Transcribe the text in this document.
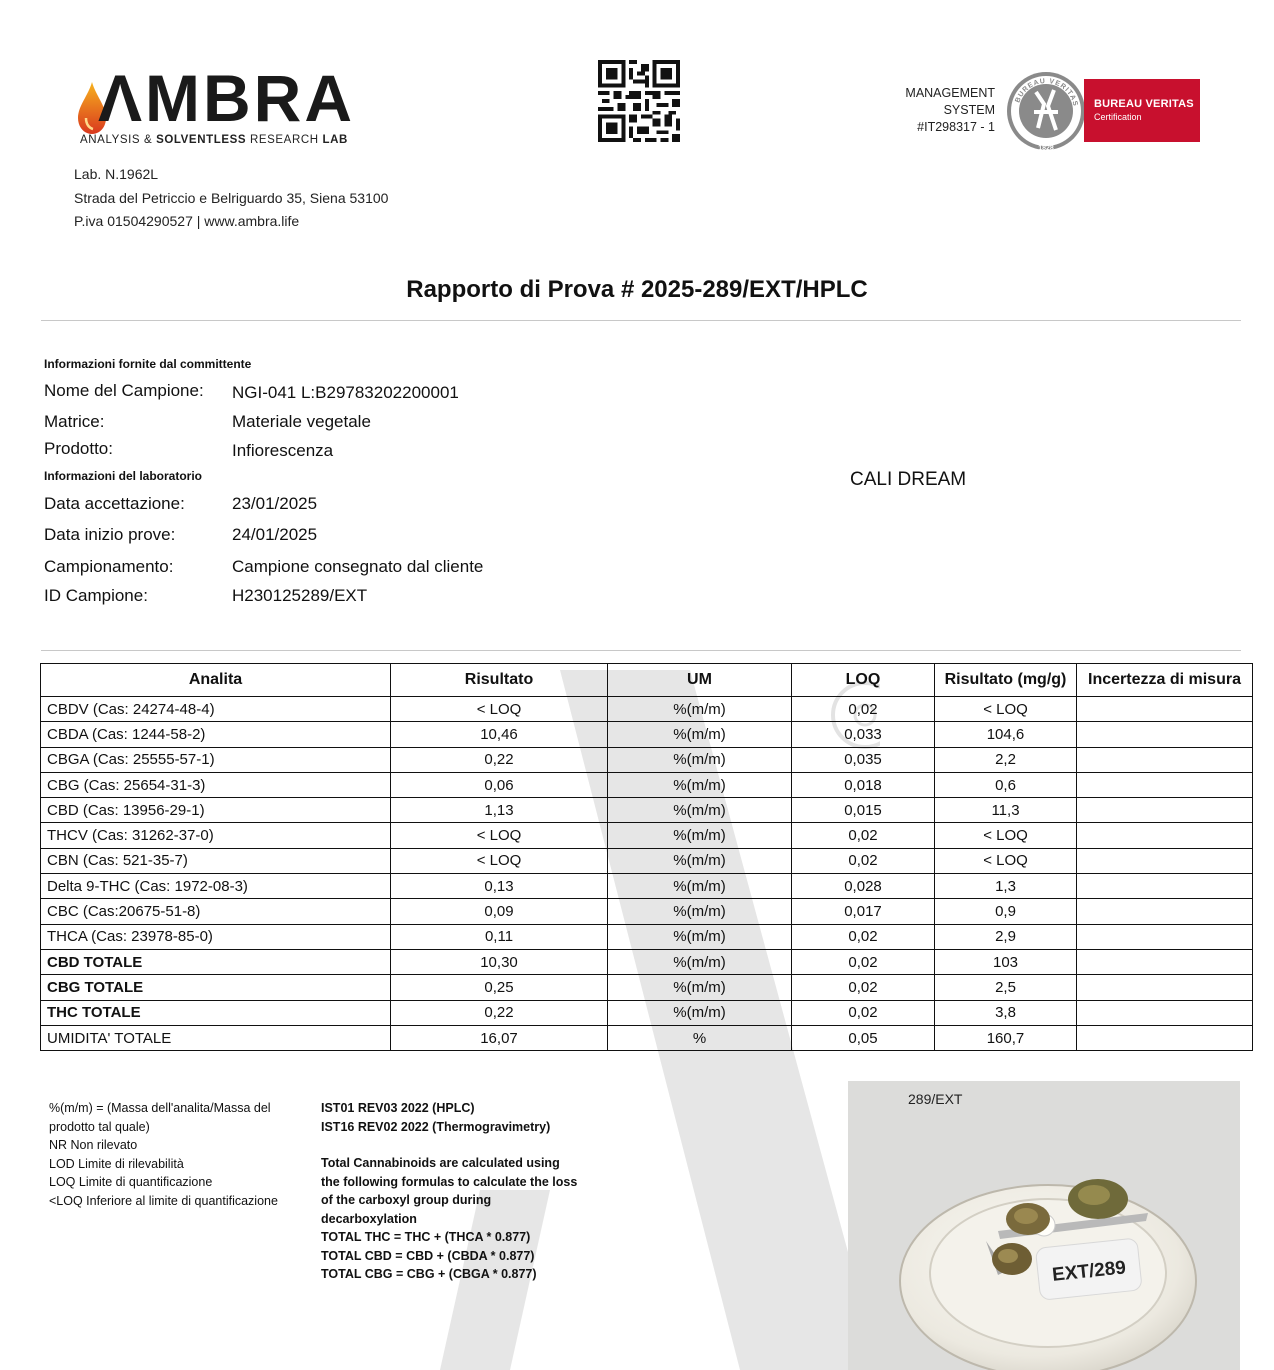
ΛMBRA
ANALYSIS & SOLVENTLESS RESEARCH LAB
MANAGEMENT
SYSTEM
#IT298317 - 1
BUREAU VERITAS
1828
BUREAU VERITAS
Certification
Lab. N.1962L
Strada del Petriccio e Belriguardo 35, Siena 53100
P.iva 01504290527 | www.ambra.life
Rapporto di Prova # 2025-289/EXT/HPLC
Informazioni fornite dal committente
Nome del Campione: NGI-041 L:B29783202200001
Matrice:	Materiale vegetale
Prodotto:	Infiorescenza
Informazioni del laboratorio
Data accettazione:	23/01/2025
Data inizio prove:	24/01/2025
Campionamento:	Campione consegnato dal cliente
ID Campione:	H230125289/EXT
CALI DREAM
Analita	Risultato	UM	LOQ	Risultato (mg/g)	Incertezza di misura
CBDV (Cas: 24274-48-4)	< LOQ	%(m/m)	0,02	< LOQ	
CBDA (Cas: 1244-58-2)	10,46	%(m/m)	0,033	104,6	
CBGA (Cas: 25555-57-1)	0,22	%(m/m)	0,035	2,2	
CBG (Cas: 25654-31-3)	0,06	%(m/m)	0,018	0,6	
CBD (Cas: 13956-29-1)	1,13	%(m/m)	0,015	11,3	
THCV (Cas: 31262-37-0)	< LOQ	%(m/m)	0,02	< LOQ	
CBN (Cas: 521-35-7)	< LOQ	%(m/m)	0,02	< LOQ	
Delta 9-THC (Cas: 1972-08-3)	0,13	%(m/m)	0,028	1,3	
CBC (Cas:20675-51-8)	0,09	%(m/m)	0,017	0,9	
THCA (Cas: 23978-85-0)	0,11	%(m/m)	0,02	2,9	
CBD TOTALE	10,30	%(m/m)	0,02	103	
CBG TOTALE	0,25	%(m/m)	0,02	2,5	
THC TOTALE	0,22	%(m/m)	0,02	3,8	
UMIDITA' TOTALE	16,07	%	0,05	160,7	
%(m/m) = (Massa dell'analita/Massa del prodotto tal quale)
NR Non rilevato
LOD Limite di rilevabilità
LOQ Limite di quantificazione
<LOQ Inferiore al limite di quantificazione
IST01 REV03 2022 (HPLC)
IST16 REV02 2022 (Thermogravimetry)
Total Cannabinoids are calculated using the following formulas to calculate the loss of the carboxyl group during decarboxylation
TOTAL THC = THC + (THCA * 0.877)
TOTAL CBD = CBD + (CBDA * 0.877)
TOTAL CBG = CBG + (CBGA * 0.877)
289/EXT
EXT/289
